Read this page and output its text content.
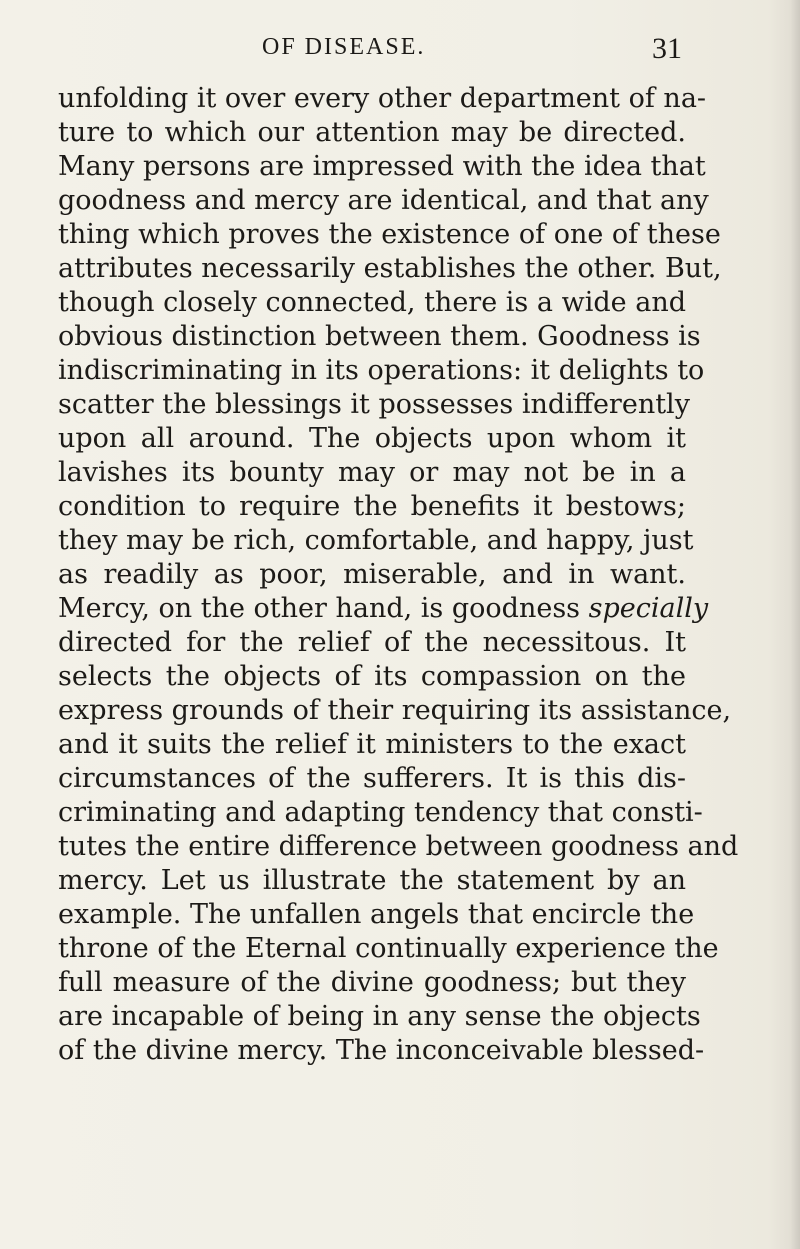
OF DISEASE.	31
unfolding it over every other department of na-
ture to which our attention may be directed.
Many persons are impressed with the idea that
goodness and mercy are identical, and that any
thing which proves the existence of one of these
attributes necessarily establishes the other. But,
though closely connected, there is a wide and
obvious distinction between them. Goodness is
indiscriminating in its operations: it delights to
scatter the blessings it possesses indifferently
upon all around. The objects upon whom it
lavishes its bounty may or may not be in a
condition to require the benefits it bestows;
they may be rich, comfortable, and happy, just
as readily as poor, miserable, and in want.
Mercy, on the other hand, is goodness specially
directed for the relief of the necessitous. It
selects the objects of its compassion on the
express grounds of their requiring its assistance,
and it suits the relief it ministers to the exact
circumstances of the sufferers. It is this dis-
criminating and adapting tendency that consti-
tutes the entire difference between goodness and
mercy. Let us illustrate the statement by an
example. The unfallen angels that encircle the
throne of the Eternal continually experience the
full measure of the divine goodness; but they
are incapable of being in any sense the objects
of the divine mercy. The inconceivable blessed-
